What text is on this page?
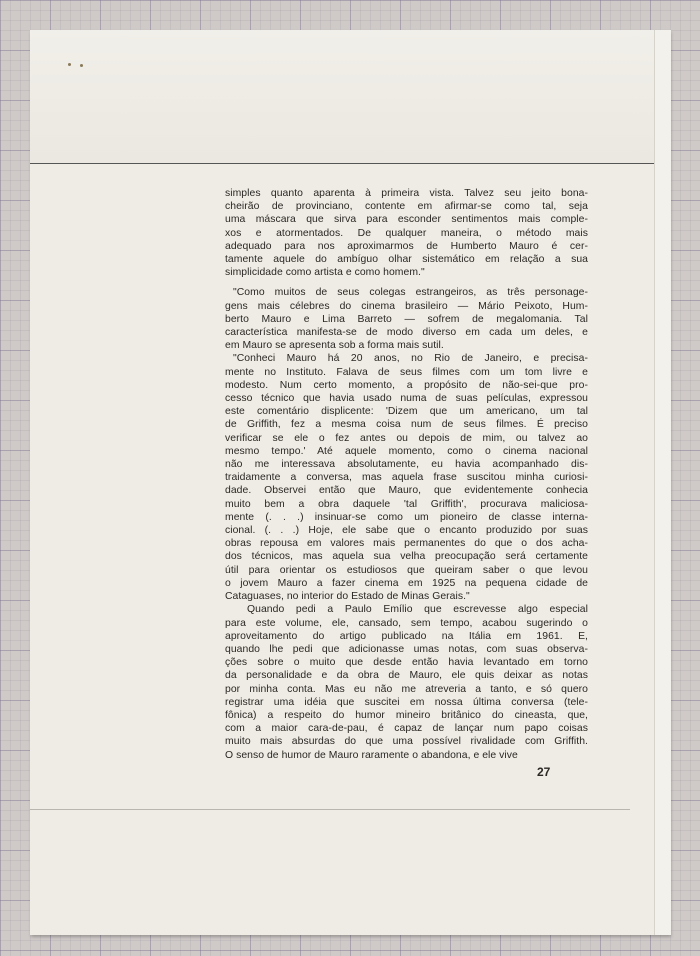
simples quanto aparenta à primeira vista. Talvez seu jeito bona-
cheirão de provinciano, contente em afirmar-se como tal, seja
uma máscara que sirva para esconder sentimentos mais comple-
xos e atormentados. De qualquer maneira, o método mais
adequado para nos aproximarmos de Humberto Mauro é cer-
tamente aquele do ambíguo olhar sistemático em relação a sua
simplicidade como artista e como homem."
"Como muitos de seus colegas estrangeiros, as três personage-
gens mais célebres do cinema brasileiro — Mário Peixoto, Hum-
berto Mauro e Lima Barreto — sofrem de megalomania. Tal
característica manifesta-se de modo diverso em cada um deles, e
em Mauro se apresenta sob a forma mais sutil.
"Conheci Mauro há 20 anos, no Rio de Janeiro, e precisa-
mente no Instituto. Falava de seus filmes com um tom livre e
modesto. Num certo momento, a propósito de não-sei-que pro-
cesso técnico que havia usado numa de suas películas, expressou
este comentário displicente: 'Dizem que um americano, um tal
de Griffith, fez a mesma coisa num de seus filmes. É preciso
verificar se ele o fez antes ou depois de mim, ou talvez ao
mesmo tempo.' Até aquele momento, como o cinema nacional
não me interessava absolutamente, eu havia acompanhado dis-
traidamente a conversa, mas aquela frase suscitou minha curiosi-
dade. Observei então que Mauro, que evidentemente conhecia
muito bem a obra daquele 'tal Griffith', procurava maliciosa-
mente (. . .) insinuar-se como um pioneiro de classe interna-
cional. (. . .) Hoje, ele sabe que o encanto produzido por suas
obras repousa em valores mais permanentes do que o dos acha-
dos técnicos, mas aquela sua velha preocupação será certamente
útil para orientar os estudiosos que queiram saber o que levou
o jovem Mauro a fazer cinema em 1925 na pequena cidade de
Cataguases, no interior do Estado de Minas Gerais."
Quando pedi a Paulo Emílio que escrevesse algo especial
para este volume, ele, cansado, sem tempo, acabou sugerindo o
aproveitamento do artigo publicado na Itália em 1961. E,
quando lhe pedi que adicionasse umas notas, com suas observa-
ções sobre o muito que desde então havia levantado em torno
da personalidade e da obra de Mauro, ele quis deixar as notas
por minha conta. Mas eu não me atreveria a tanto, e só quero
registrar uma idéia que suscitei em nossa última conversa (tele-
fônica) a respeito do humor mineiro britânico do cineasta, que,
com a maior cara-de-pau, é capaz de lançar num papo coisas
muito mais absurdas do que uma possível rivalidade com Griffith.
O senso de humor de Mauro raramente o abandona, e ele vive
27
